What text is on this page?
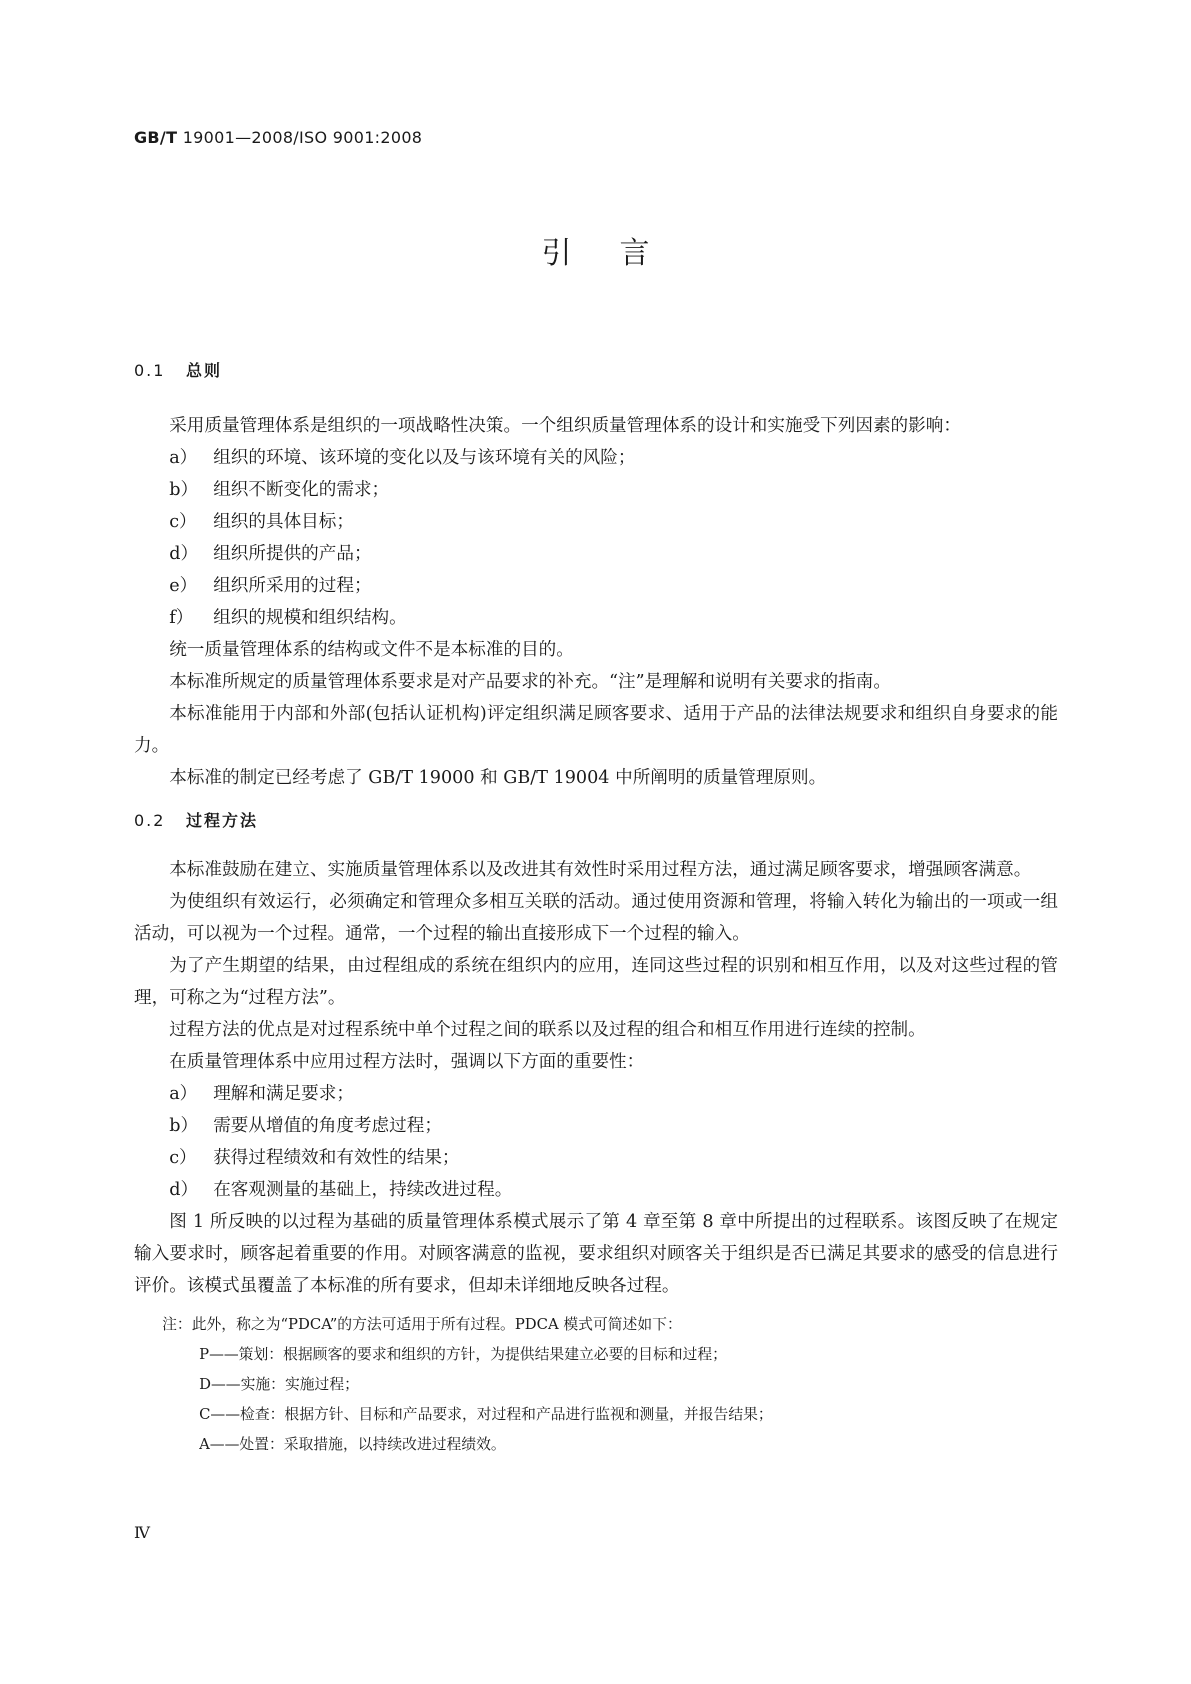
GB/T 19001—2008/ISO 9001:2008
引言
0.1 总则
采用质量管理体系是组织的一项战略性决策。一个组织质量管理体系的设计和实施受下列因素的影响：
a） 组织的环境、该环境的变化以及与该环境有关的风险；
b） 组织不断变化的需求；
c） 组织的具体目标；
d） 组织所提供的产品；
e） 组织所采用的过程；
f） 组织的规模和组织结构。
统一质量管理体系的结构或文件不是本标准的目的。
本标准所规定的质量管理体系要求是对产品要求的补充。“注”是理解和说明有关要求的指南。
本标准能用于内部和外部(包括认证机构)评定组织满足顾客要求、适用于产品的法律法规要求和组织自身要求的能力。
本标准的制定已经考虑了 GB/T 19000 和 GB/T 19004 中所阐明的质量管理原则。
0.2 过程方法
本标准鼓励在建立、实施质量管理体系以及改进其有效性时采用过程方法，通过满足顾客要求，增强顾客满意。
为使组织有效运行，必须确定和管理众多相互关联的活动。通过使用资源和管理，将输入转化为输出的一项或一组活动，可以视为一个过程。通常，一个过程的输出直接形成下一个过程的输入。
为了产生期望的结果，由过程组成的系统在组织内的应用，连同这些过程的识别和相互作用，以及对这些过程的管理，可称之为“过程方法”。
过程方法的优点是对过程系统中单个过程之间的联系以及过程的组合和相互作用进行连续的控制。
在质量管理体系中应用过程方法时，强调以下方面的重要性：
a） 理解和满足要求；
b） 需要从增值的角度考虑过程；
c） 获得过程绩效和有效性的结果；
d） 在客观测量的基础上，持续改进过程。
图 1 所反映的以过程为基础的质量管理体系模式展示了第 4 章至第 8 章中所提出的过程联系。该图反映了在规定输入要求时，顾客起着重要的作用。对顾客满意的监视，要求组织对顾客关于组织是否已满足其要求的感受的信息进行评价。该模式虽覆盖了本标准的所有要求，但却未详细地反映各过程。
注：此外，称之为“PDCA”的方法可适用于所有过程。PDCA 模式可简述如下：
P——策划：根据顾客的要求和组织的方针，为提供结果建立必要的目标和过程；
D——实施：实施过程；
C——检查：根据方针、目标和产品要求，对过程和产品进行监视和测量，并报告结果；
A——处置：采取措施，以持续改进过程绩效。
Ⅳ
